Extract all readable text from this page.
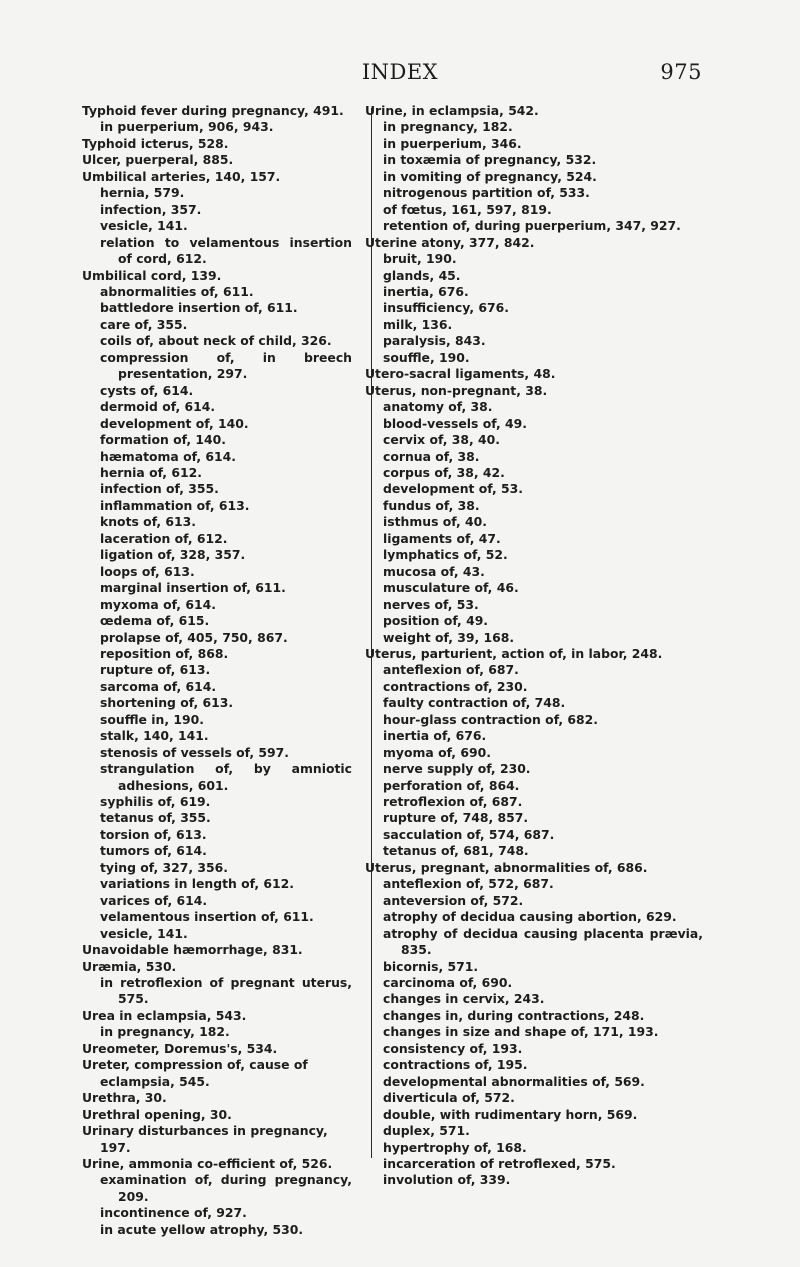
INDEX	975
Typhoid fever during pregnancy, 491.
in puerperium, 906, 943.
Typhoid icterus, 528.
Ulcer, puerperal, 885.
Umbilical arteries, 140, 157.
hernia, 579.
infection, 357.
vesicle, 141.
relation to velamentous insertion of cord, 612.
Umbilical cord, 139.
abnormalities of, 611.
battledore insertion of, 611.
care of, 355.
coils of, about neck of child, 326.
compression of, in breech presentation, 297.
cysts of, 614.
dermoid of, 614.
development of, 140.
formation of, 140.
hæmatoma of, 614.
hernia of, 612.
infection of, 355.
inflammation of, 613.
knots of, 613.
laceration of, 612.
ligation of, 328, 357.
loops of, 613.
marginal insertion of, 611.
myxoma of, 614.
œdema of, 615.
prolapse of, 405, 750, 867.
reposition of, 868.
rupture of, 613.
sarcoma of, 614.
shortening of, 613.
souffle in, 190.
stalk, 140, 141.
stenosis of vessels of, 597.
strangulation of, by amniotic adhesions, 601.
syphilis of, 619.
tetanus of, 355.
torsion of, 613.
tumors of, 614.
tying of, 327, 356.
variations in length of, 612.
varices of, 614.
velamentous insertion of, 611.
vesicle, 141.
Unavoidable hæmorrhage, 831.
Uræmia, 530.
in retroflexion of pregnant uterus, 575.
Urea in eclampsia, 543.
in pregnancy, 182.
Ureometer, Doremus's, 534.
Ureter, compression of, cause of eclampsia, 545.
Urethra, 30.
Urethral opening, 30.
Urinary disturbances in pregnancy, 197.
Urine, ammonia co-efficient of, 526.
examination of, during pregnancy, 209.
incontinence of, 927.
in acute yellow atrophy, 530.
Urine, in eclampsia, 542.
in pregnancy, 182.
in puerperium, 346.
in toxæmia of pregnancy, 532.
in vomiting of pregnancy, 524.
nitrogenous partition of, 533.
of fœtus, 161, 597, 819.
retention of, during puerperium, 347, 927.
Uterine atony, 377, 842.
bruit, 190.
glands, 45.
inertia, 676.
insufficiency, 676.
milk, 136.
paralysis, 843.
souffle, 190.
Utero-sacral ligaments, 48.
Uterus, non-pregnant, 38.
anatomy of, 38.
blood-vessels of, 49.
cervix of, 38, 40.
cornua of, 38.
corpus of, 38, 42.
development of, 53.
fundus of, 38.
isthmus of, 40.
ligaments of, 47.
lymphatics of, 52.
mucosa of, 43.
musculature of, 46.
nerves of, 53.
position of, 49.
weight of, 39, 168.
Uterus, parturient, action of, in labor, 248.
anteflexion of, 687.
contractions of, 230.
faulty contraction of, 748.
hour-glass contraction of, 682.
inertia of, 676.
myoma of, 690.
nerve supply of, 230.
perforation of, 864.
retroflexion of, 687.
rupture of, 748, 857.
sacculation of, 574, 687.
tetanus of, 681, 748.
Uterus, pregnant, abnormalities of, 686.
anteflexion of, 572, 687.
anteversion of, 572.
atrophy of decidua causing abortion, 629.
atrophy of decidua causing placenta prævia, 835.
bicornis, 571.
carcinoma of, 690.
changes in cervix, 243.
changes in, during contractions, 248.
changes in size and shape of, 171, 193.
consistency of, 193.
contractions of, 195.
developmental abnormalities of, 569.
diverticula of, 572.
double, with rudimentary horn, 569.
duplex, 571.
hypertrophy of, 168.
incarceration of retroflexed, 575.
involution of, 339.
